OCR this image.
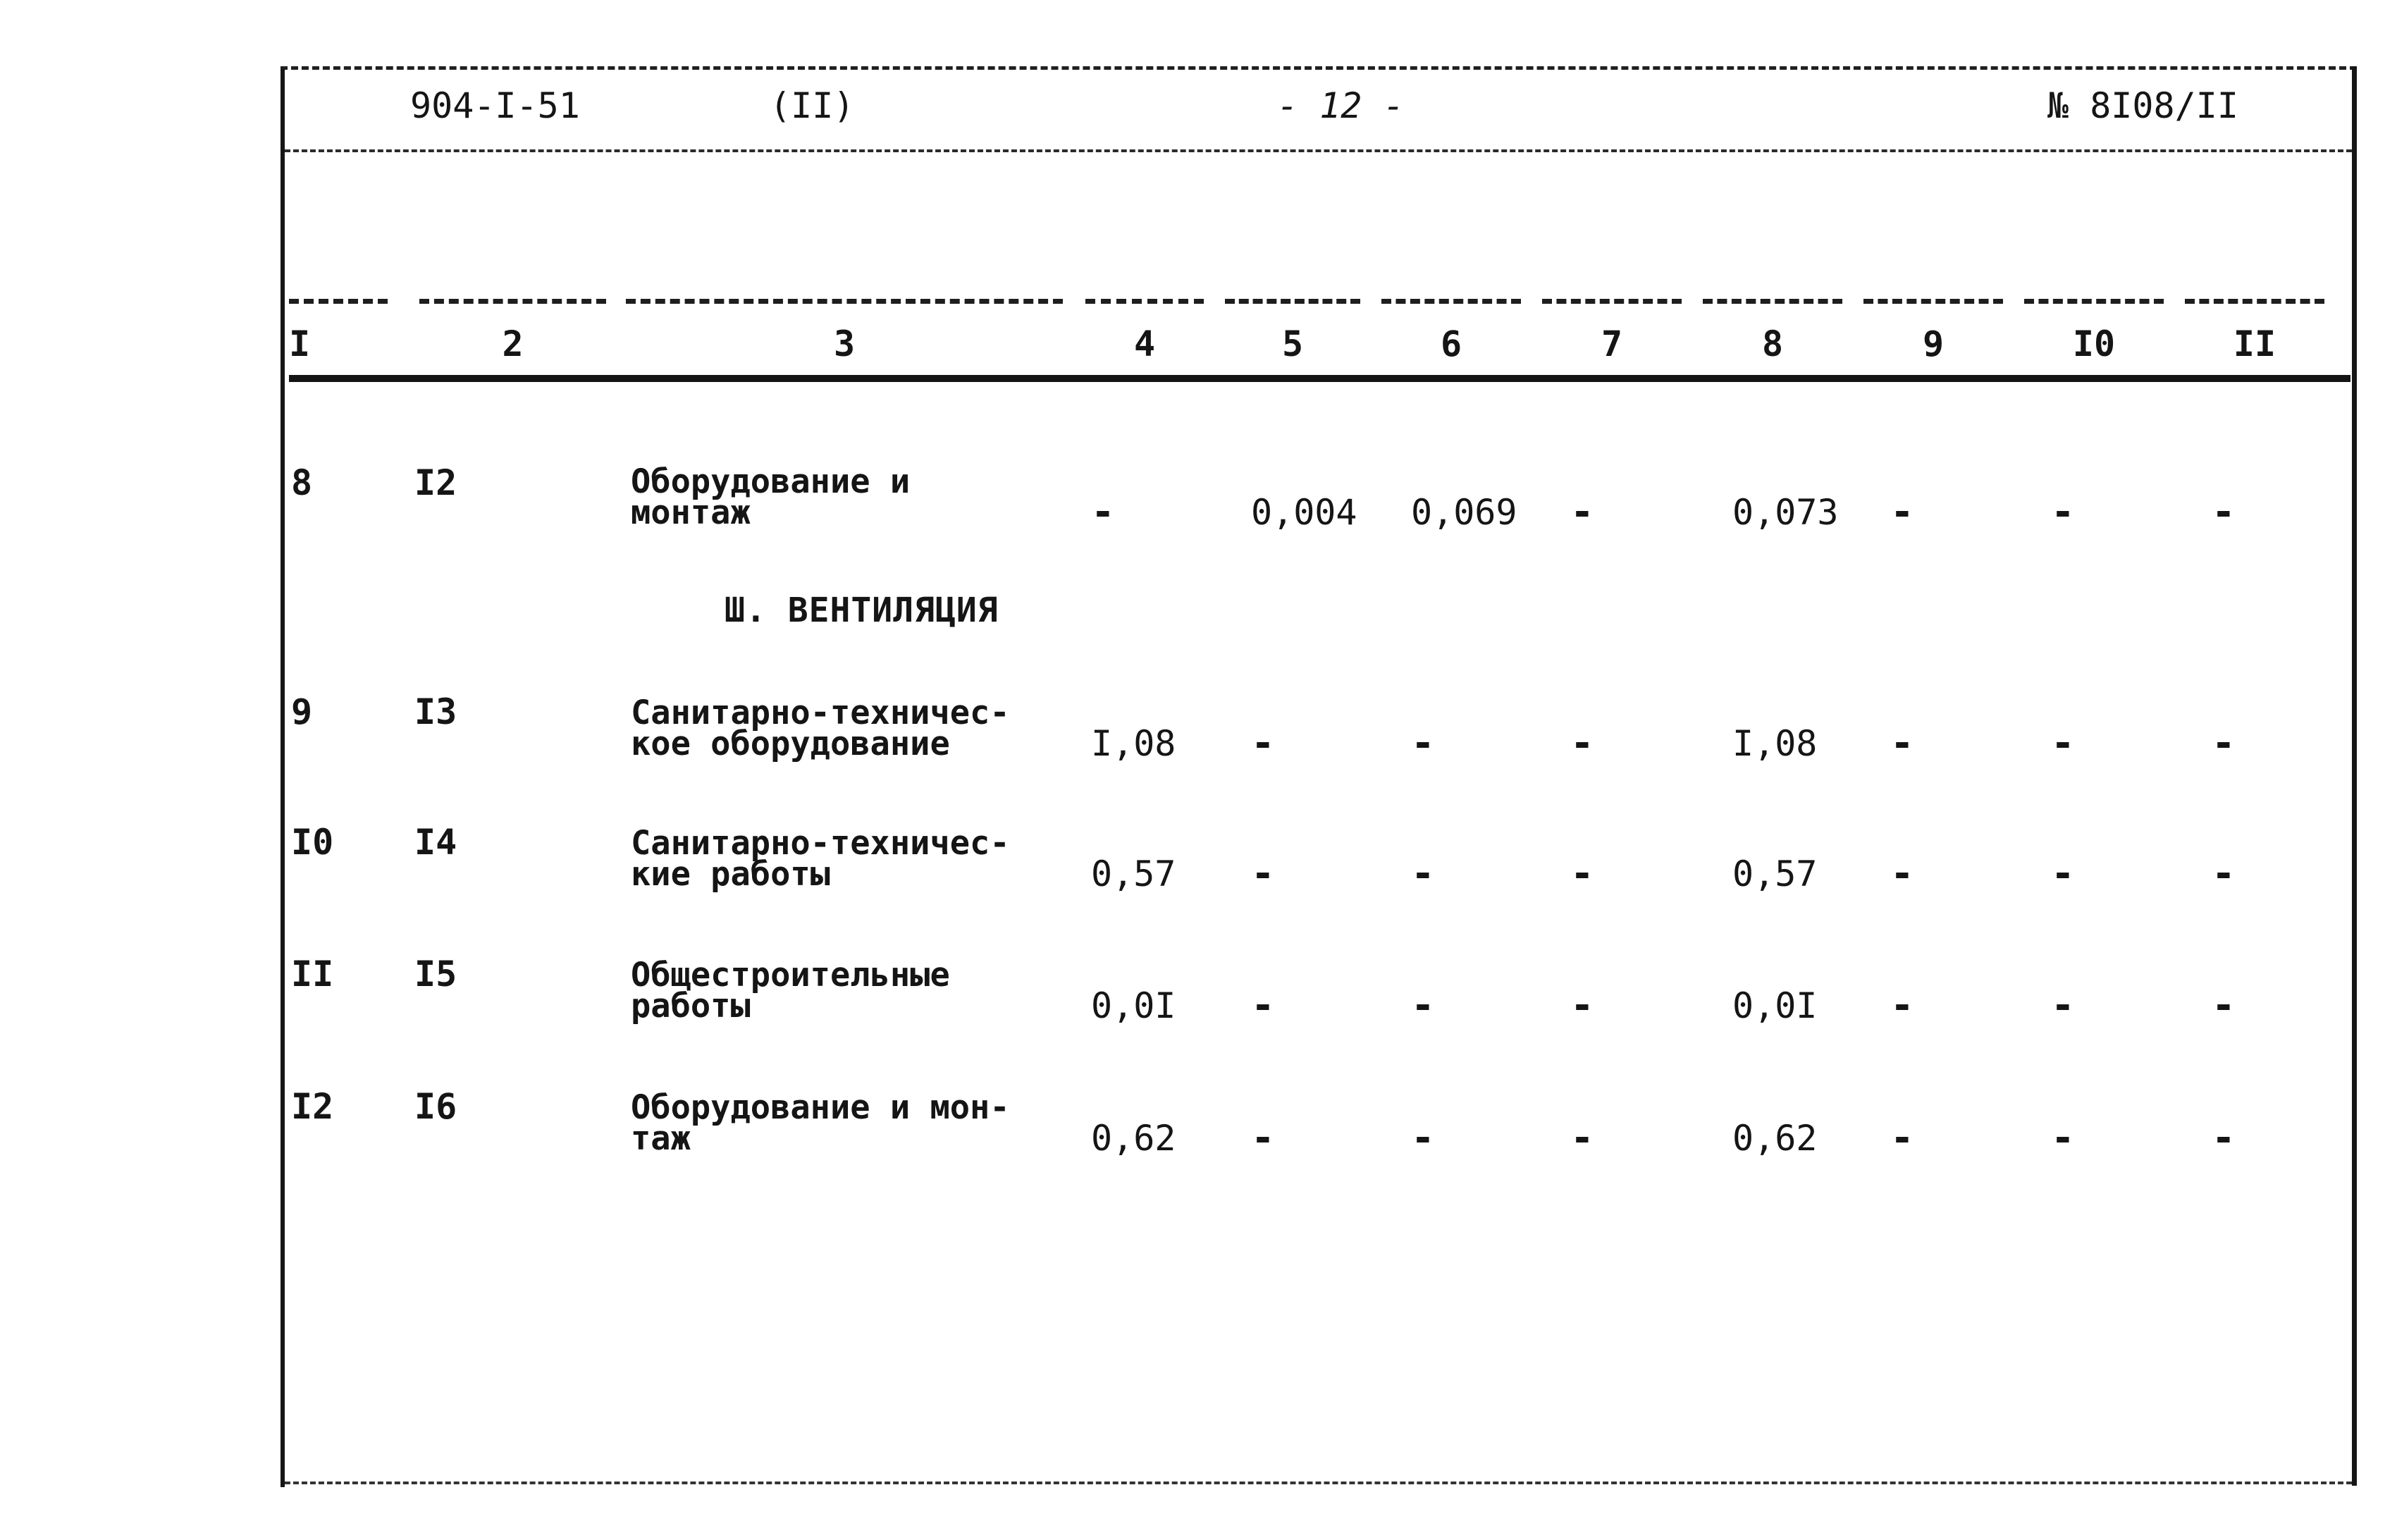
904-I-51	(II)	- 12 -	№ 8I08/II
I	2	3	4	5	6	7	8	9	I0	II
8	I2	Оборудование и
монтаж	-	0,004 0,069 -	0,073 -	-	-
Ш. ВЕНТИЛЯЦИЯ
9	I3	Санитарно-техничес-
кое оборудование	I,08 -	-	-	I,08 -	-	-
I0 I4	Санитарно-техничес-
кие работы	0,57 -	-	-	0,57 -	-	-
II I5	Общестроительные
работы	0,0I -	-	-	0,0I -	-	-
I2 I6	Оборудование и мон-
таж	0,62 -	-	-	0,62 -	-	-
